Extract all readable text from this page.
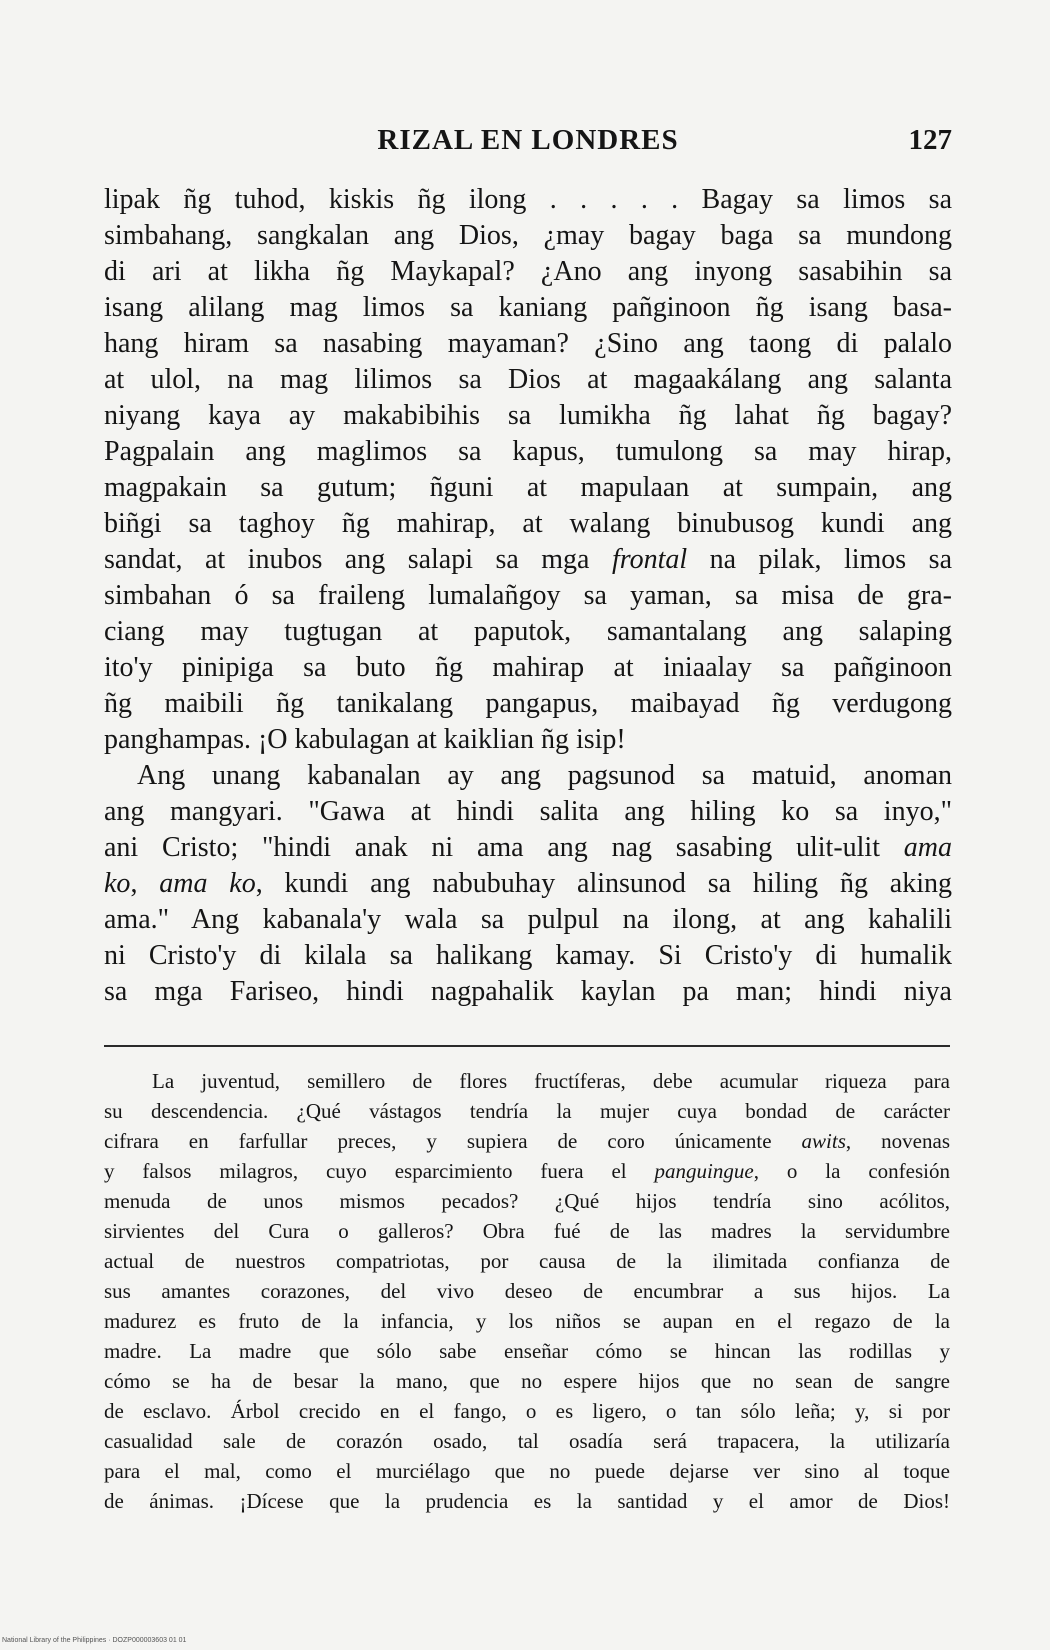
RIZAL EN LONDRES	127
lipak ñg tuhod, kiskis ñg ilong . . . . . Bagay sa limos sa
simbahang, sangkalan ang Dios, ¿may bagay baga sa mundong
di ari at likha ñg Maykapal? ¿Ano ang inyong sasabihin sa
isang alilang mag limos sa kaniang pañginoon ñg isang basa-
hang hiram sa nasabing mayaman? ¿Sino ang taong di palalo
at ulol, na mag lilimos sa Dios at magaakálang ang salanta
niyang kaya ay makabibihis sa lumikha ñg lahat ñg bagay?
Pagpalain ang maglimos sa kapus, tumulong sa may hirap,
magpakain sa gutum; ñguni at mapulaan at sumpain, ang
biñgi sa taghoy ñg mahirap, at walang binubusog kundi ang
sandat, at inubos ang salapi sa mga frontal na pilak, limos sa
simbahan ó sa fraileng lumalañgoy sa yaman, sa misa de gra-
ciang may tugtugan at paputok, samantalang ang salaping
ito'y pinipiga sa buto ñg mahirap at iniaalay sa pañginoon
ñg maibili ñg tanikalang pangapus, maibayad ñg verdugong
panghampas. ¡O kabulagan at kaiklian ñg isip!
Ang unang kabanalan ay ang pagsunod sa matuid, anoman
ang mangyari. "Gawa at hindi salita ang hiling ko sa inyo,"
ani Cristo; "hindi anak ni ama ang nag sasabing ulit-ulit ama
ko, ama ko, kundi ang nabubuhay alinsunod sa hiling ñg aking
ama." Ang kabanala'y wala sa pulpul na ilong, at ang kahalili
ni Cristo'y di kilala sa halikang kamay. Si Cristo'y di humalik
sa mga Fariseo, hindi nagpahalik kaylan pa man; hindi niya
La juventud, semillero de flores fructíferas, debe acumular riqueza para
su descendencia. ¿Qué vástagos tendría la mujer cuya bondad de carácter
cifrara en farfullar preces, y supiera de coro únicamente awits, novenas
y falsos milagros, cuyo esparcimiento fuera el panguingue, o la confesión
menuda de unos mismos pecados? ¿Qué hijos tendría sino acólitos,
sirvientes del Cura o galleros? Obra fué de las madres la servidumbre
actual de nuestros compatriotas, por causa de la ilimitada confianza de
sus amantes corazones, del vivo deseo de encumbrar a sus hijos. La
madurez es fruto de la infancia, y los niños se aupan en el regazo de la
madre. La madre que sólo sabe enseñar cómo se hincan las rodillas y
cómo se ha de besar la mano, que no espere hijos que no sean de sangre
de esclavo. Árbol crecido en el fango, o es ligero, o tan sólo leña; y, si por
casualidad sale de corazón osado, tal osadía será trapacera, la utilizaría
para el mal, como el murciélago que no puede dejarse ver sino al toque
de ánimas. ¡Dícese que la prudencia es la santidad y el amor de Dios!
National Library of the Philippines · DOZP000003603 01 01
